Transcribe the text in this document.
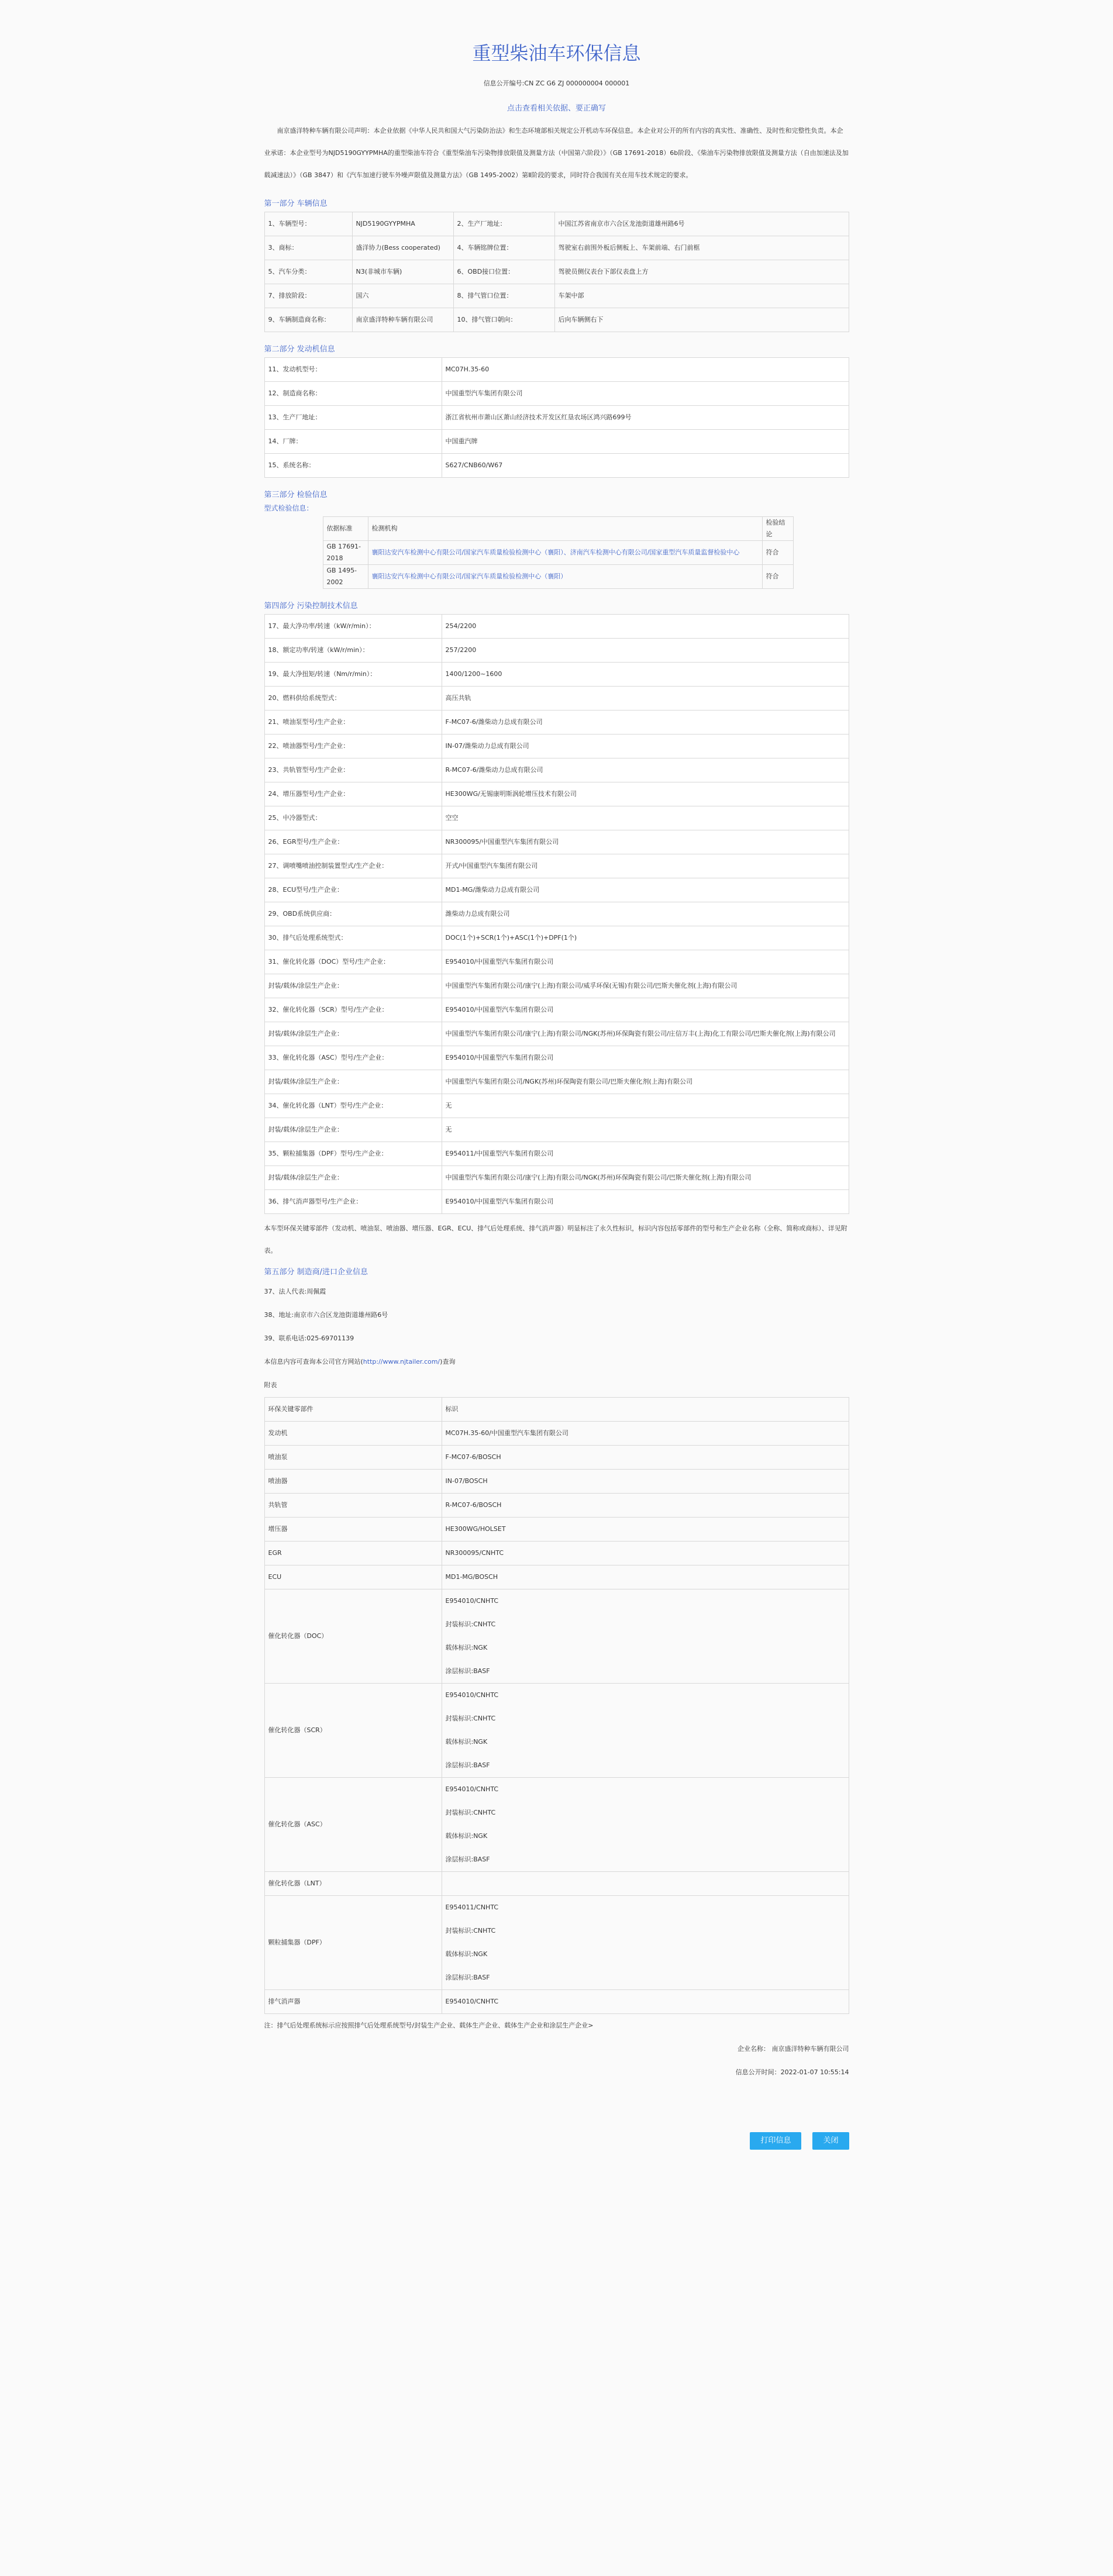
重型柴油车环保信息
信息公开编号:CN ZC G6 ZJ 000000004 000001
点击查看相关依据、要正确写

南京盛洋特种车辆有限公司声明：本企业依据《中华人民共和国大气污染防治法》和生态环境部相关规定公开机动车环保信息。本企业对公开的所有内容的真实性、准确性、及时性和完整性负责。本企业承诺：本企业型号为NJD5190GYYPMHA的重型柴油车符合《重型柴油车污染物排放限值及测量方法（中国第六阶段）》（GB 17691-2018）6b阶段、《柴油车污染物排放限值及测量方法（自由加速法及加载减速法）》（GB 3847）和《汽车加速行驶车外噪声限值及测量方法》（GB 1495-2002）第Ⅱ阶段的要求，同时符合我国有关在用车技术规定的要求。

第一部分 车辆信息
1、车辆型号：	NJD5190GYYPMHA	2、生产厂地址：	中国江苏省南京市六合区龙池街道雄州路6号
3、商标：	盛洋协力(Bess cooperated)	4、车辆铭牌位置：	驾驶室右前围外板后侧板上、车架前端、右门前框
5、汽车分类：	N3(非城市车辆)	6、OBD接口位置：	驾驶员侧仪表台下部仪表盘上方
7、排放阶段：	国六	8、排气管口位置：	车架中部
9、车辆制造商名称：	南京盛洋特种车辆有限公司	10、排气管口朝向：	后向车辆侧右下
第二部分 发动机信息
11、发动机型号：	MC07H.35-60
12、制造商名称：	中国重型汽车集团有限公司
13、生产厂地址：	浙江省杭州市萧山区萧山经济技术开发区红垦农场区鸿兴路699号
14、厂牌：	中国重汽牌
15、系统名称：	S627/CNB60/W67
第三部分 检验信息
型式检验信息：
依据标准	检测机构	检验结论
GB 17691-2018	襄阳达安汽车检测中心有限公司/国家汽车质量检验检测中心（襄阳）、济南汽车检测中心有限公司/国家重型汽车质量监督检验中心	符合
GB 1495-2002	襄阳达安汽车检测中心有限公司/国家汽车质量检验检测中心（襄阳）	符合
第四部分 污染控制技术信息
17、最大净功率/转速（kW/r/min）：	254/2200
18、额定功率/转速（kW/r/min）：	257/2200
19、最大净扭矩/转速（Nm/r/min）：	1400/1200~1600
20、燃料供给系统型式：	高压共轨
21、喷油泵型号/生产企业：	F-MC07-6/潍柴动力总成有限公司
22、喷油器型号/生产企业：	IN-07/潍柴动力总成有限公司
23、共轨管型号/生产企业：	R-MC07-6/潍柴动力总成有限公司
24、增压器型号/生产企业：	HE300WG/无锡康明斯涡轮增压技术有限公司
25、中冷器型式：	空空
26、EGR型号/生产企业：	NR300095/中国重型汽车集团有限公司
27、调喷嘴喷油控制装置型式/生产企业：	开式/中国重型汽车集团有限公司
28、ECU型号/生产企业：	MD1-MG/潍柴动力总成有限公司
29、OBD系统供应商：	潍柴动力总成有限公司
30、排气后处理系统型式：	DOC(1个)+SCR(1个)+ASC(1个)+DPF(1个)
31、催化转化器（DOC）型号/生产企业：	E954010/中国重型汽车集团有限公司
封装/载体/涂层生产企业：	中国重型汽车集团有限公司/康宁(上海)有限公司/威孚环保(无锡)有限公司/巴斯夫催化剂(上海)有限公司
32、催化转化器（SCR）型号/生产企业：	E954010/中国重型汽车集团有限公司
封装/载体/涂层生产企业：	中国重型汽车集团有限公司/康宁(上海)有限公司/NGK(苏州)环保陶瓷有限公司/庄信万丰(上海)化工有限公司/巴斯夫催化剂(上海)有限公司
33、催化转化器（ASC）型号/生产企业：	E954010/中国重型汽车集团有限公司
封装/载体/涂层生产企业：	中国重型汽车集团有限公司/NGK(苏州)环保陶瓷有限公司/巴斯夫催化剂(上海)有限公司
34、催化转化器（LNT）型号/生产企业：	无
封装/载体/涂层生产企业：	无
35、颗粒捕集器（DPF）型号/生产企业：	E954011/中国重型汽车集团有限公司
封装/载体/涂层生产企业：	中国重型汽车集团有限公司/康宁(上海)有限公司/NGK(苏州)环保陶瓷有限公司/巴斯夫催化剂(上海)有限公司
36、排气消声器型号/生产企业：	E954010/中国重型汽车集团有限公司
本车型环保关键零部件（发动机、喷油泵、喷油器、增压器、EGR、ECU、排气后处理系统、排气消声器）明显标注了永久性标识，标识内容包括零部件的型号和生产企业名称（全称、简称或商标）、详见附表。
第五部分 制造商/进口企业信息
37、法人代表:周佩霞
38、地址:南京市六合区龙池街道雄州路6号
39、联系电话:025-69701139
本信息内容可查询本公司官方网站(http://www.njtailer.com/)查询
附表
环保关键零部件	标识
发动机	MC07H.35-60/中国重型汽车集团有限公司

喷油泵	F-MC07-6/BOSCH

喷油器	IN-07/BOSCH

共轨管	R-MC07-6/BOSCH

增压器	HE300WG/HOLSET

EGR	NR300095/CNHTC

ECU	MD1-MG/BOSCH

催化转化器（DOC）	E954010/CNHTC
封装标识:CNHTC
载体标识:NGK
涂层标识:BASF

催化转化器（SCR）	E954010/CNHTC
封装标识:CNHTC
载体标识:NGK
涂层标识:BASF

催化转化器（ASC）	E954010/CNHTC
封装标识:CNHTC
载体标识:NGK
涂层标识:BASF

催化转化器（LNT）	

颗粒捕集器（DPF）	E954011/CNHTC
封装标识:CNHTC
载体标识:NGK
涂层标识:BASF

排气消声器	E954010/CNHTC
注：排气后处理系统标示应按照排气后处理系统型号/封装生产企业、载体生产企业、载体生产企业和涂层生产企业>
企业名称： 南京盛洋特种车辆有限公司
信息公开时间：2022-01-07 10:55:14
打印信息	关闭
